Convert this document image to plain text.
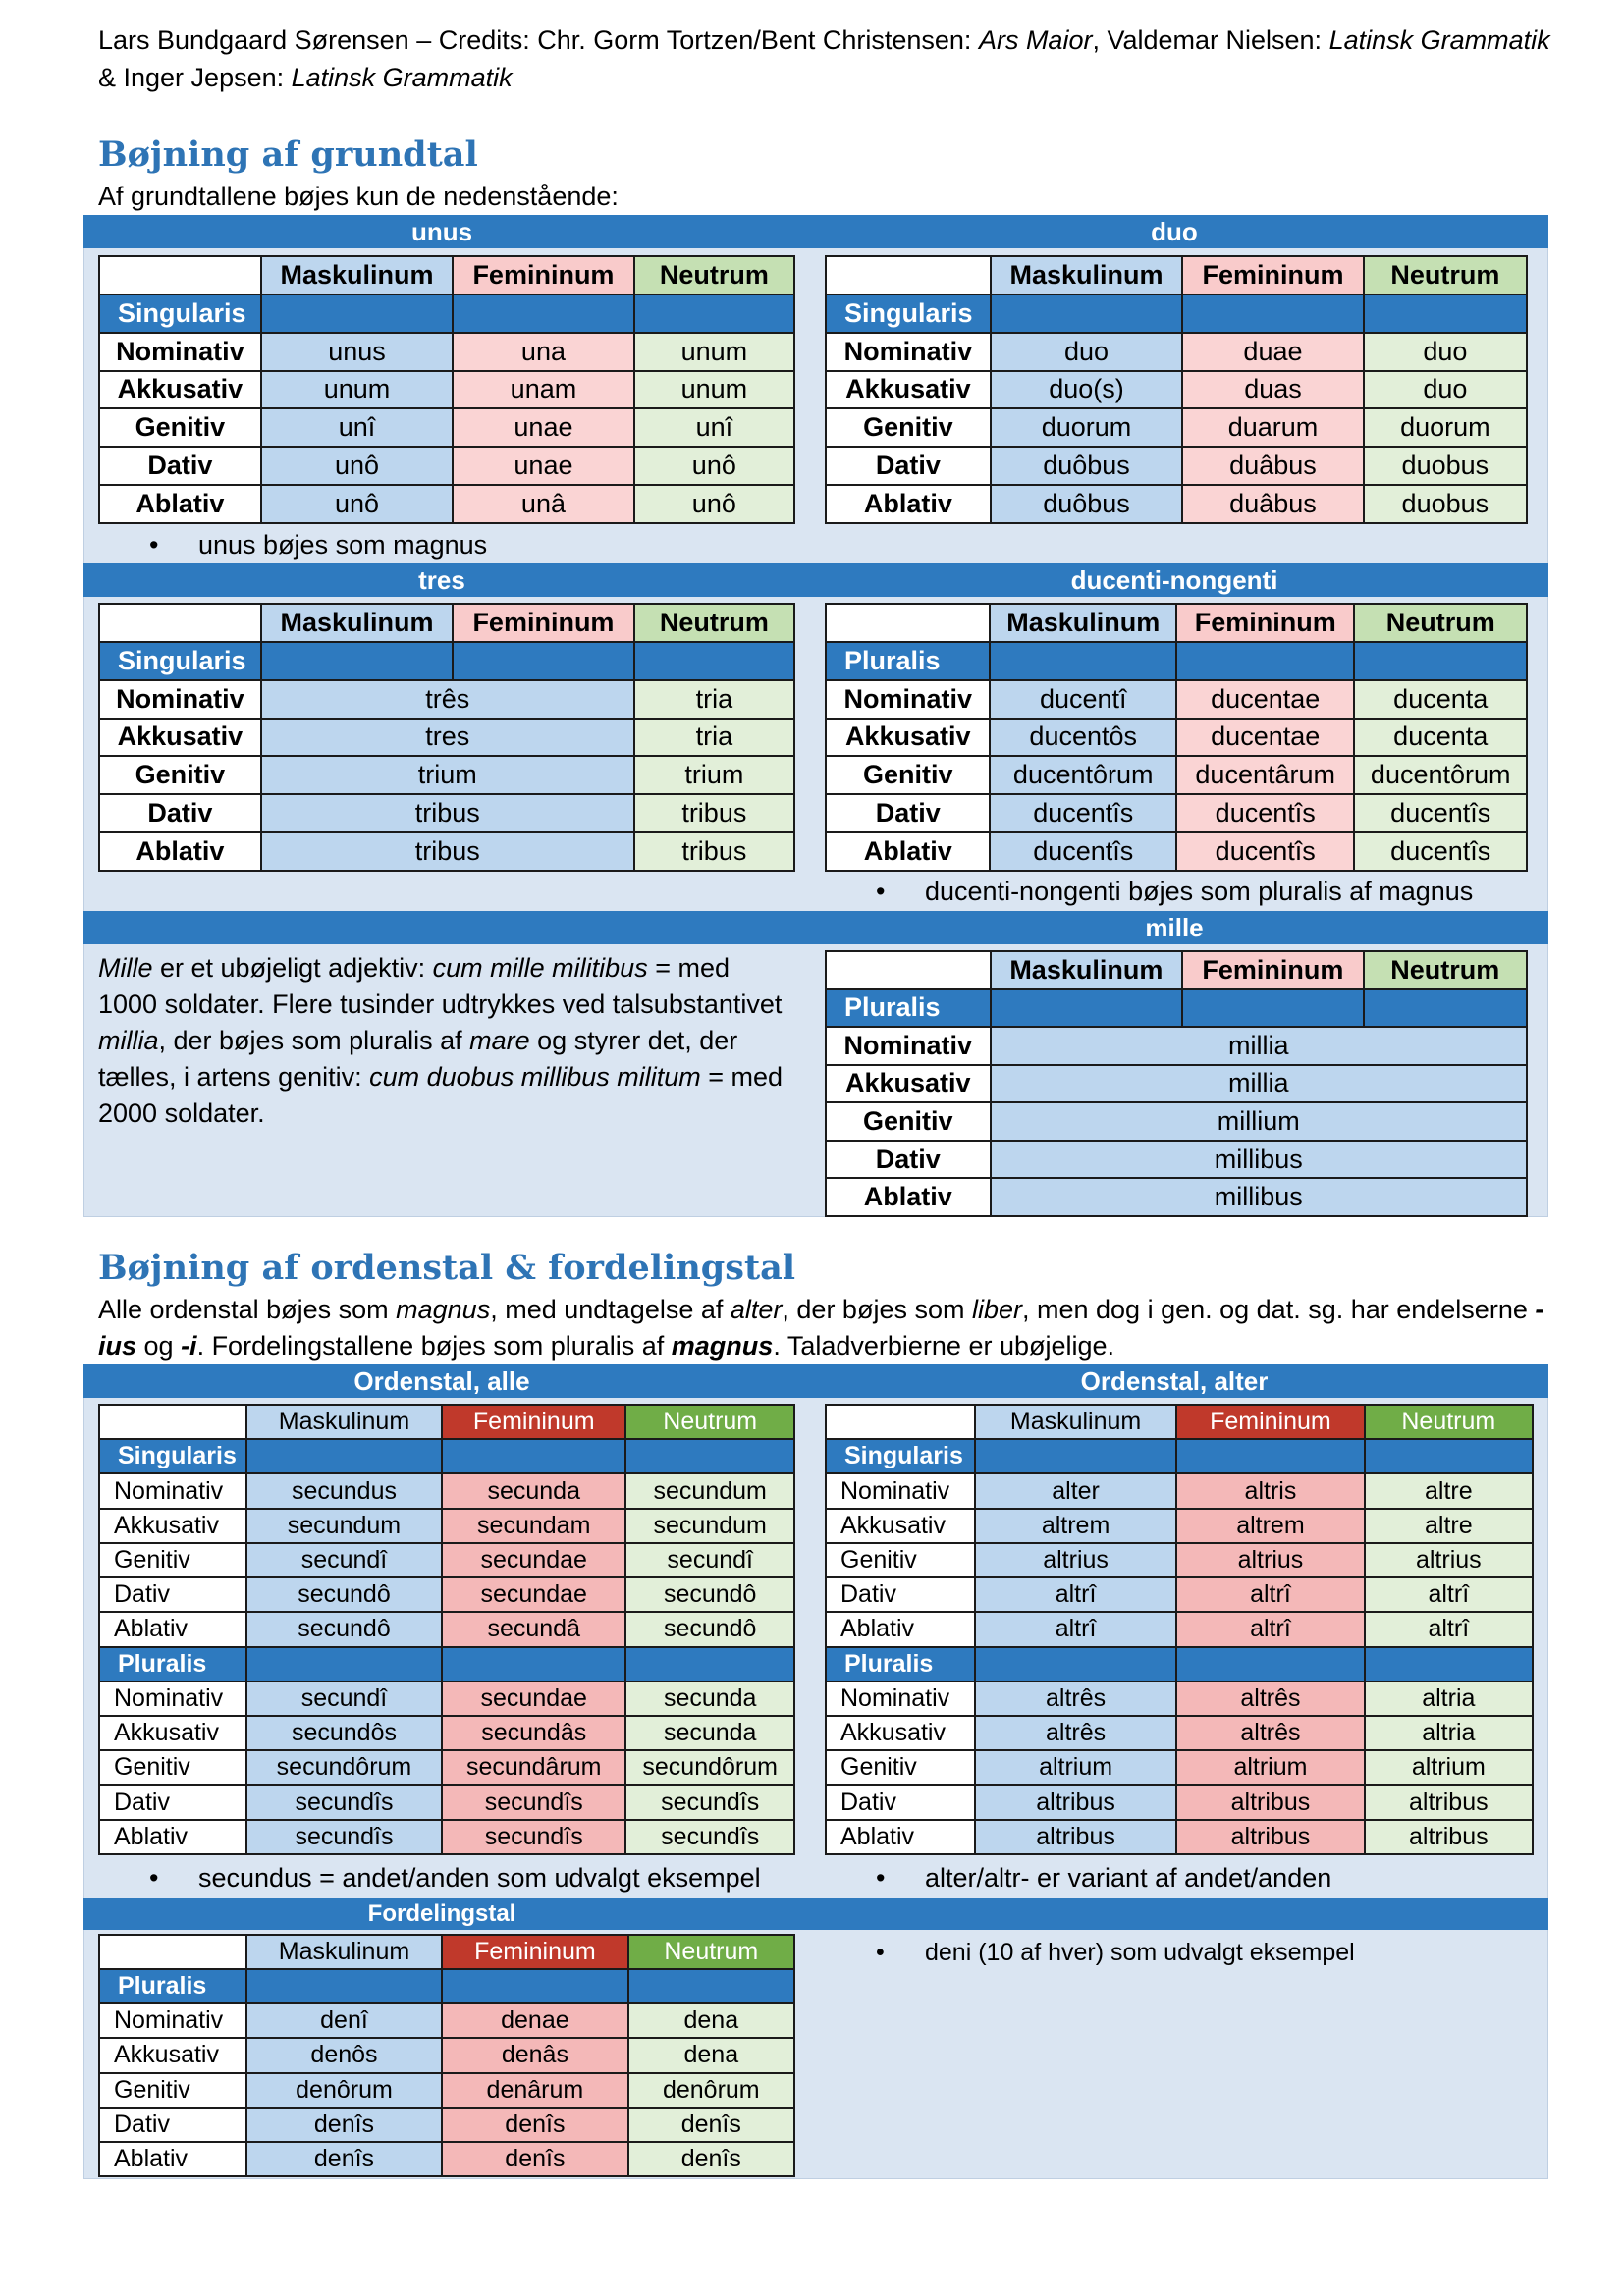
Lars Bundgaard Sørensen – Credits: Chr. Gorm Tortzen/Bent Christensen: Ars Maior, Valdemar Nielsen: Latinsk Grammatik & Inger Jepsen: Latinsk Grammatik
Bøjning af grundtal
Af grundtallene bøjes kun de nedenstående:
unus	duo
	Maskulinum	Femininum	Neutrum
Singularis			
Nominativ	unus	una	unum
Akkusativ	unum	unam	unum
Genitiv	unî	unae	unî
Dativ	unô	unae	unô
Ablativ	unô	unâ	unô
	Maskulinum	Femininum	Neutrum
Singularis			
Nominativ	duo	duae	duo
Akkusativ	duo(s)	duas	duo
Genitiv	duorum	duarum	duorum
Dativ	duôbus	duâbus	duobus
Ablativ	duôbus	duâbus	duobus
• unus bøjes som magnus
tres	ducenti-nongenti
	Maskulinum	Femininum	Neutrum
Singularis			
Nominativ	três		tria
Akkusativ	tres		tria
Genitiv	trium		trium
Dativ	tribus		tribus
Ablativ	tribus		tribus
	Maskulinum	Femininum	Neutrum
Pluralis			
Nominativ	ducentî	ducentae	ducenta
Akkusativ	ducentôs	ducentae	ducenta
Genitiv	ducentôrum	ducentârum	ducentôrum
Dativ	ducentîs	ducentîs	ducentîs
Ablativ	ducentîs	ducentîs	ducentîs
• ducenti-nongenti bøjes som pluralis af magnus
mille
Mille er et ubøjeligt adjektiv: cum mille militibus = med 1000 soldater. Flere tusinder udtrykkes ved talsubstantivet millia, der bøjes som pluralis af mare og styrer det, der tælles, i artens genitiv: cum duobus millibus militum = med 2000 soldater.
	Maskulinum	Femininum	Neutrum
Pluralis			
Nominativ	millia		
Akkusativ	millia		
Genitiv	millium		
Dativ	millibus		
Ablativ	millibus		
Bøjning af ordenstal & fordelingstal
Alle ordenstal bøjes som magnus, med undtagelse af alter, der bøjes som liber, men dog i gen. og dat. sg. har endelserne -ius og -i. Fordelingstallene bøjes som pluralis af magnus. Taladverbierne er ubøjelige.
Ordenstal, alle	Ordenstal, alter
	Maskulinum	Femininum	Neutrum
Singularis			
Nominativ	secundus	secunda	secundum
Akkusativ	secundum	secundam	secundum
Genitiv	secundî	secundae	secundî
Dativ	secundô	secundae	secundô
Ablativ	secundô	secundâ	secundô
Pluralis			
Nominativ	secundî	secundae	secunda
Akkusativ	secundôs	secundâs	secunda
Genitiv	secundôrum	secundârum	secundôrum
Dativ	secundîs	secundîs	secundîs
Ablativ	secundîs	secundîs	secundîs
	Maskulinum	Femininum	Neutrum
Singularis			
Nominativ	alter	altris	altre
Akkusativ	altrem	altrem	altre
Genitiv	altrius	altrius	altrius
Dativ	altrî	altrî	altrî
Ablativ	altrî	altrî	altrî
Pluralis			
Nominativ	altrês	altrês	altria
Akkusativ	altrês	altrês	altria
Genitiv	altrium	altrium	altrium
Dativ	altribus	altribus	altribus
Ablativ	altribus	altribus	altribus
• secundus = andet/anden som udvalgt eksempel	• alter/altr- er variant af andet/anden
Fordelingstal
	Maskulinum	Femininum	Neutrum
Pluralis			
Nominativ	denî	denae	dena
Akkusativ	denôs	denâs	dena
Genitiv	denôrum	denârum	denôrum
Dativ	denîs	denîs	denîs
Ablativ	denîs	denîs	denîs
• deni (10 af hver) som udvalgt eksempel
